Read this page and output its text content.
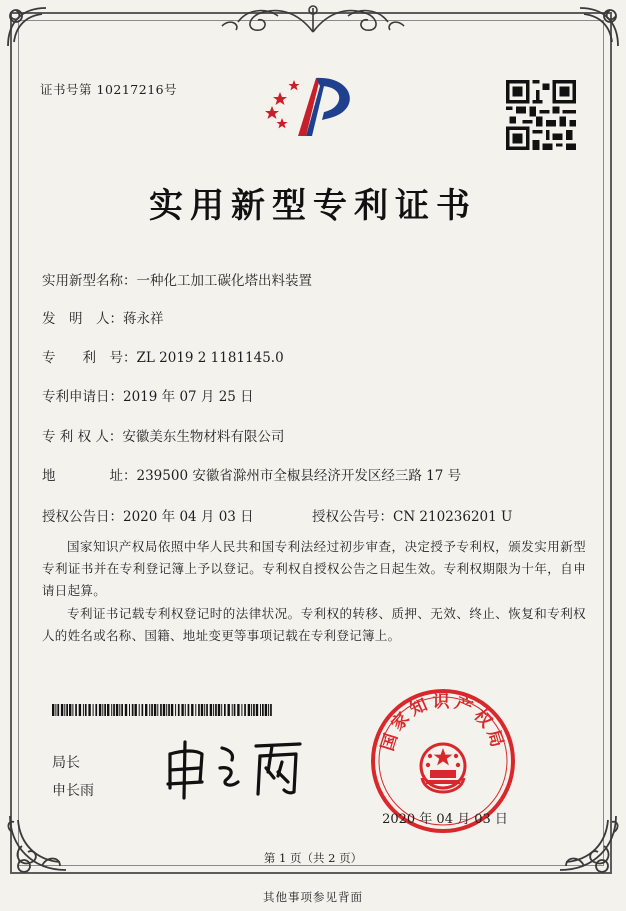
证书号第 10217216号
实用新型专利证书
实用新型名称：一种化工加工碳化塔出料装置
发　明　人：蒋永祥
专　　利　号：ZL 2019 2 1181145.0
专利申请日：2019 年 07 月 25 日
专 利 权 人：安徽美东生物材料有限公司
地　　　　址：239500 安徽省滁州市全椒县经济开发区经三路 17 号
授权公告日：2020 年 04 月 03 日	授权公告号：CN 210236201 U
国家知识产权局依照中华人民共和国专利法经过初步审查，决定授予专利权，颁发实用新型专利证书并在专利登记簿上予以登记。专利权自授权公告之日起生效。专利权期限为十年，自申请日起算。
专利证书记载专利权登记时的法律状况。专利权的转移、质押、无效、终止、恢复和专利权人的姓名或名称、国籍、地址变更等事项记载在专利登记簿上。
局长
申长雨
国家知识产权局
2020 年 04 月 03 日
第 1 页（共 2 页）
其他事项参见背面
